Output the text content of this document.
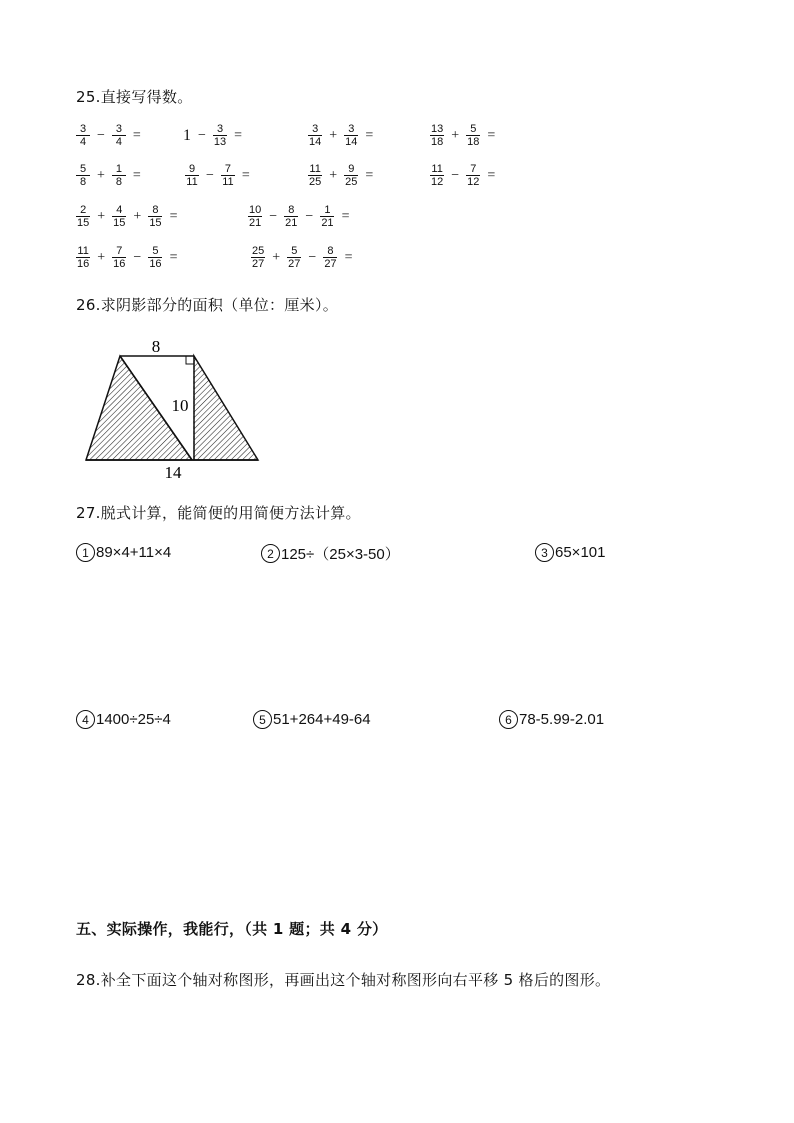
25.直接写得数。
$\frac{3}{4} - \frac{3}{4}$ =	$1 - \frac{3}{13}$ =	$\frac{3}{14} + \frac{3}{14}$ =	$\frac{13}{18} + \frac{5}{18}$ =
$\frac{5}{8} + \frac{1}{8}$ =	$\frac{9}{11} - \frac{7}{11}$ =	$\frac{11}{25} + \frac{9}{25}$ =	$\frac{11}{12} - \frac{7}{12}$ =
$\frac{2}{15} + \frac{4}{15} + \frac{8}{15}$ =	$\frac{10}{21} - \frac{8}{21} - \frac{1}{21}$ =
$\frac{11}{16} + \frac{7}{16} - \frac{5}{16}$ =	$\frac{25}{27} + \frac{5}{27} - \frac{8}{27}$ =
26.求阴影部分的面积（单位：厘米）。
8
10
14
27.脱式计算，能简便的用简便方法计算。
1 89×4+11×4	2 125÷（25×3-50）	3 65×101
4 1400÷25÷4	5 51+264+49-64	6 78-5.99-2.01
五、实际操作，我能行，（共 1 题；共 4 分）
28.补全下面这个轴对称图形，再画出这个轴对称图形向右平移 5 格后的图形。
